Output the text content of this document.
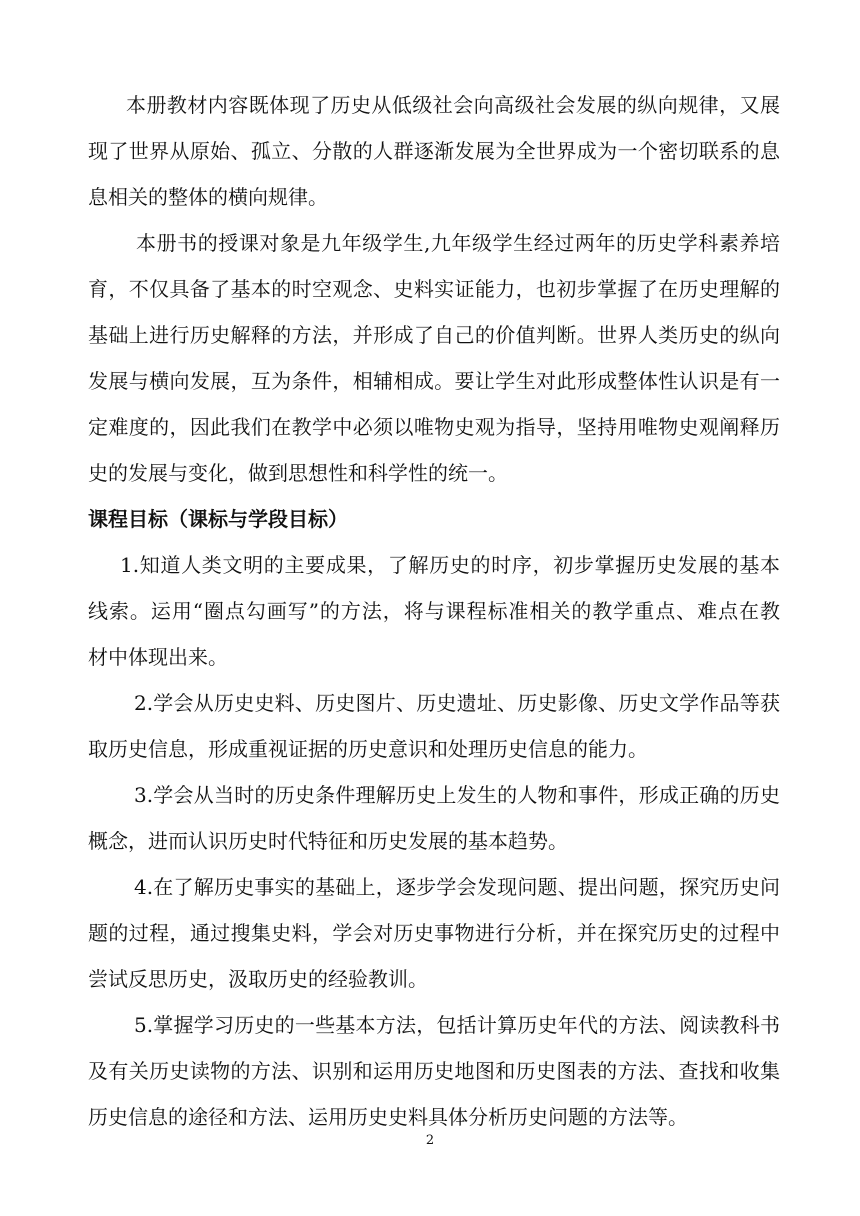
本册教材内容既体现了历史从低级社会向高级社会发展的纵向规律，又展
现了世界从原始、孤立、分散的人群逐渐发展为全世界成为一个密切联系的息
息相关的整体的横向规律。
本册书的授课对象是九年级学生,九年级学生经过两年的历史学科素养培
育，不仅具备了基本的时空观念、史料实证能力，也初步掌握了在历史理解的
基础上进行历史解释的方法，并形成了自己的价值判断。世界人类历史的纵向
发展与横向发展，互为条件，相辅相成。要让学生对此形成整体性认识是有一
定难度的，因此我们在教学中必须以唯物史观为指导，坚持用唯物史观阐释历
史的发展与变化，做到思想性和科学性的统一。
课程目标（课标与学段目标）
1.知道人类文明的主要成果，了解历史的时序，初步掌握历史发展的基本
线索。运用“圈点勾画写”的方法，将与课程标准相关的教学重点、难点在教
材中体现出来。
2.学会从历史史料、历史图片、历史遗址、历史影像、历史文学作品等获
取历史信息，形成重视证据的历史意识和处理历史信息的能力。
3.学会从当时的历史条件理解历史上发生的人物和事件，形成正确的历史
概念，进而认识历史时代特征和历史发展的基本趋势。
4.在了解历史事实的基础上，逐步学会发现问题、提出问题，探究历史问
题的过程，通过搜集史料，学会对历史事物进行分析，并在探究历史的过程中
尝试反思历史，汲取历史的经验教训。
5.掌握学习历史的一些基本方法，包括计算历史年代的方法、阅读教科书
及有关历史读物的方法、识别和运用历史地图和历史图表的方法、查找和收集
历史信息的途径和方法、运用历史史料具体分析历史问题的方法等。
2
